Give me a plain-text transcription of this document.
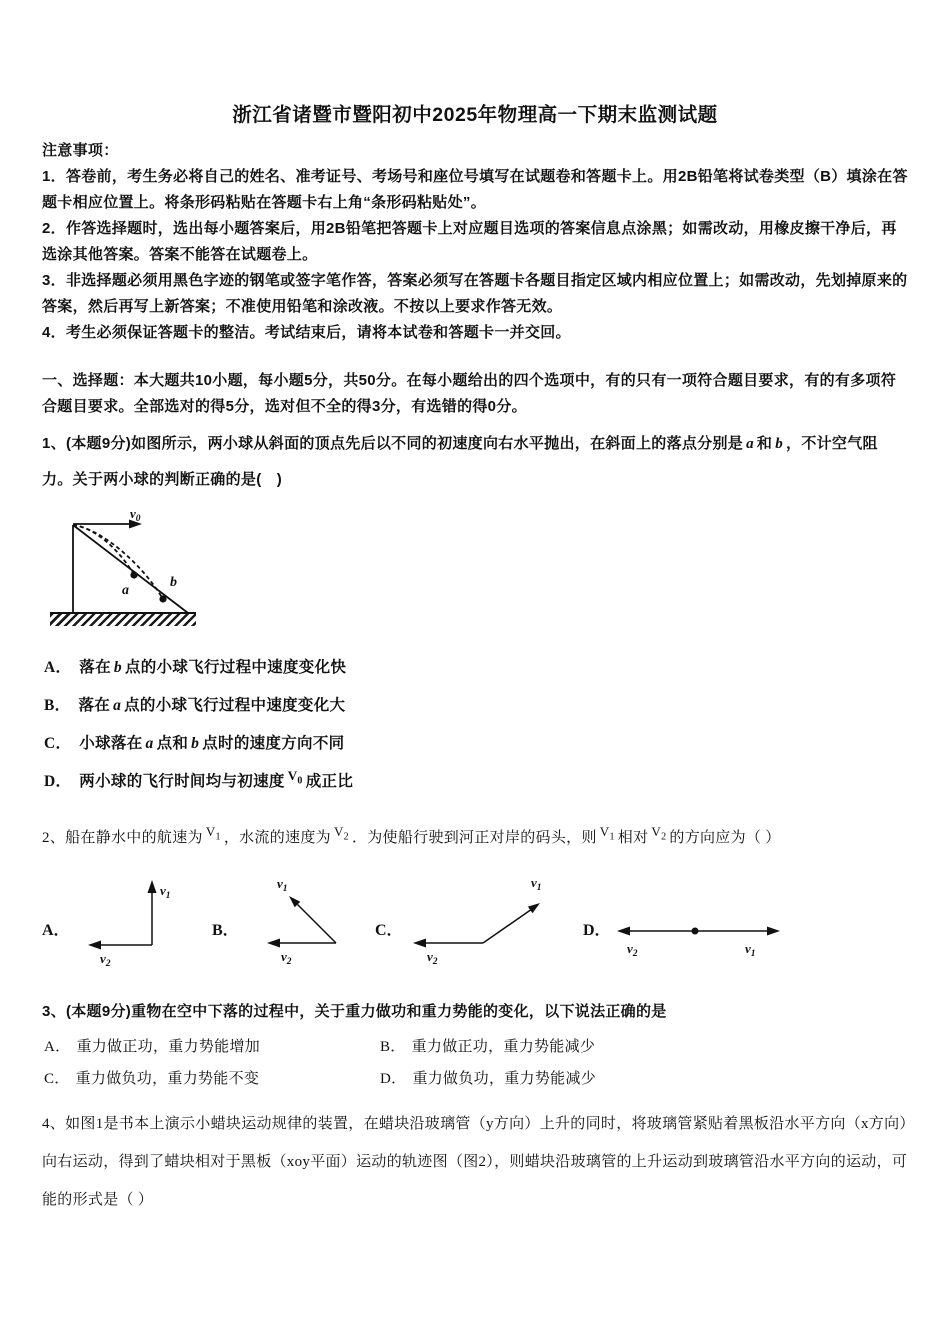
浙江省诸暨市暨阳初中2025年物理高一下期末监测试题

注意事项：

1．答卷前，考生务必将自己的姓名、准考证号、考场号和座位号填写在试题卷和答题卡上。用2B铅笔将试卷类型（B）填涂在答题卡相应位置上。将条形码粘贴在答题卡右上角“条形码粘贴处”。

2．作答选择题时，选出每小题答案后，用2B铅笔把答题卡上对应题目选项的答案信息点涂黑；如需改动，用橡皮擦干净后，再选涂其他答案。答案不能答在试题卷上。

3．非选择题必须用黑色字迹的钢笔或签字笔作答，答案必须写在答题卡各题目指定区域内相应位置上；如需改动，先划掉原来的答案，然后再写上新答案；不准使用铅笔和涂改液。不按以上要求作答无效。

4．考生必须保证答题卡的整洁。考试结束后，请将本试卷和答题卡一并交回。

一、选择题：本大题共10小题，每小题5分，共50分。在每小题给出的四个选项中，有的只有一项符合题目要求，有的有多项符合题目要求。全部选对的得5分，选对但不全的得3分，有选错的得0分。

1、(本题9分)如图所示，两小球从斜面的顶点先后以不同的初速度向右水平抛出，在斜面上的落点分别是 a 和 b ，不计空气阻力。关于两小球的判断正确的是(　)

$v_0$
a
b
A． 落在 b 点的小球飞行过程中速度变化快
B． 落在 a 点的小球飞行过程中速度变化大
C． 小球落在 a 点和 b 点时的速度方向不同
D． 两小球的飞行时间均与初速度 $^{V_0}$ 成正比

2、船在静水中的航速为 $V_1$ ，水流的速度为 $V_2$ ．为使船行驶到河正对岸的码头，则 $V_1$ 相对 $V_2$ 的方向应为（ ）

A．
$v_1$
$v_2$
B．
$v_1$
$v_2$
C．
$v_1$
$v_2$
D．
$v_2$	$v_1$

3、(本题9分)重物在空中下落的过程中，关于重力做功和重力势能的变化，以下说法正确的是

A． 重力做正功，重力势能增加	B． 重力做正功，重力势能减少
C． 重力做负功，重力势能不变	D． 重力做负功，重力势能减少

4、如图1是书本上演示小蜡块运动规律的装置，在蜡块沿玻璃管（y方向）上升的同时，将玻璃管紧贴着黑板沿水平方向（x方向）向右运动，得到了蜡块相对于黑板（xoy平面）运动的轨迹图（图2），则蜡块沿玻璃管的上升运动到玻璃管沿水平方向的运动，可能的形式是（ ）
